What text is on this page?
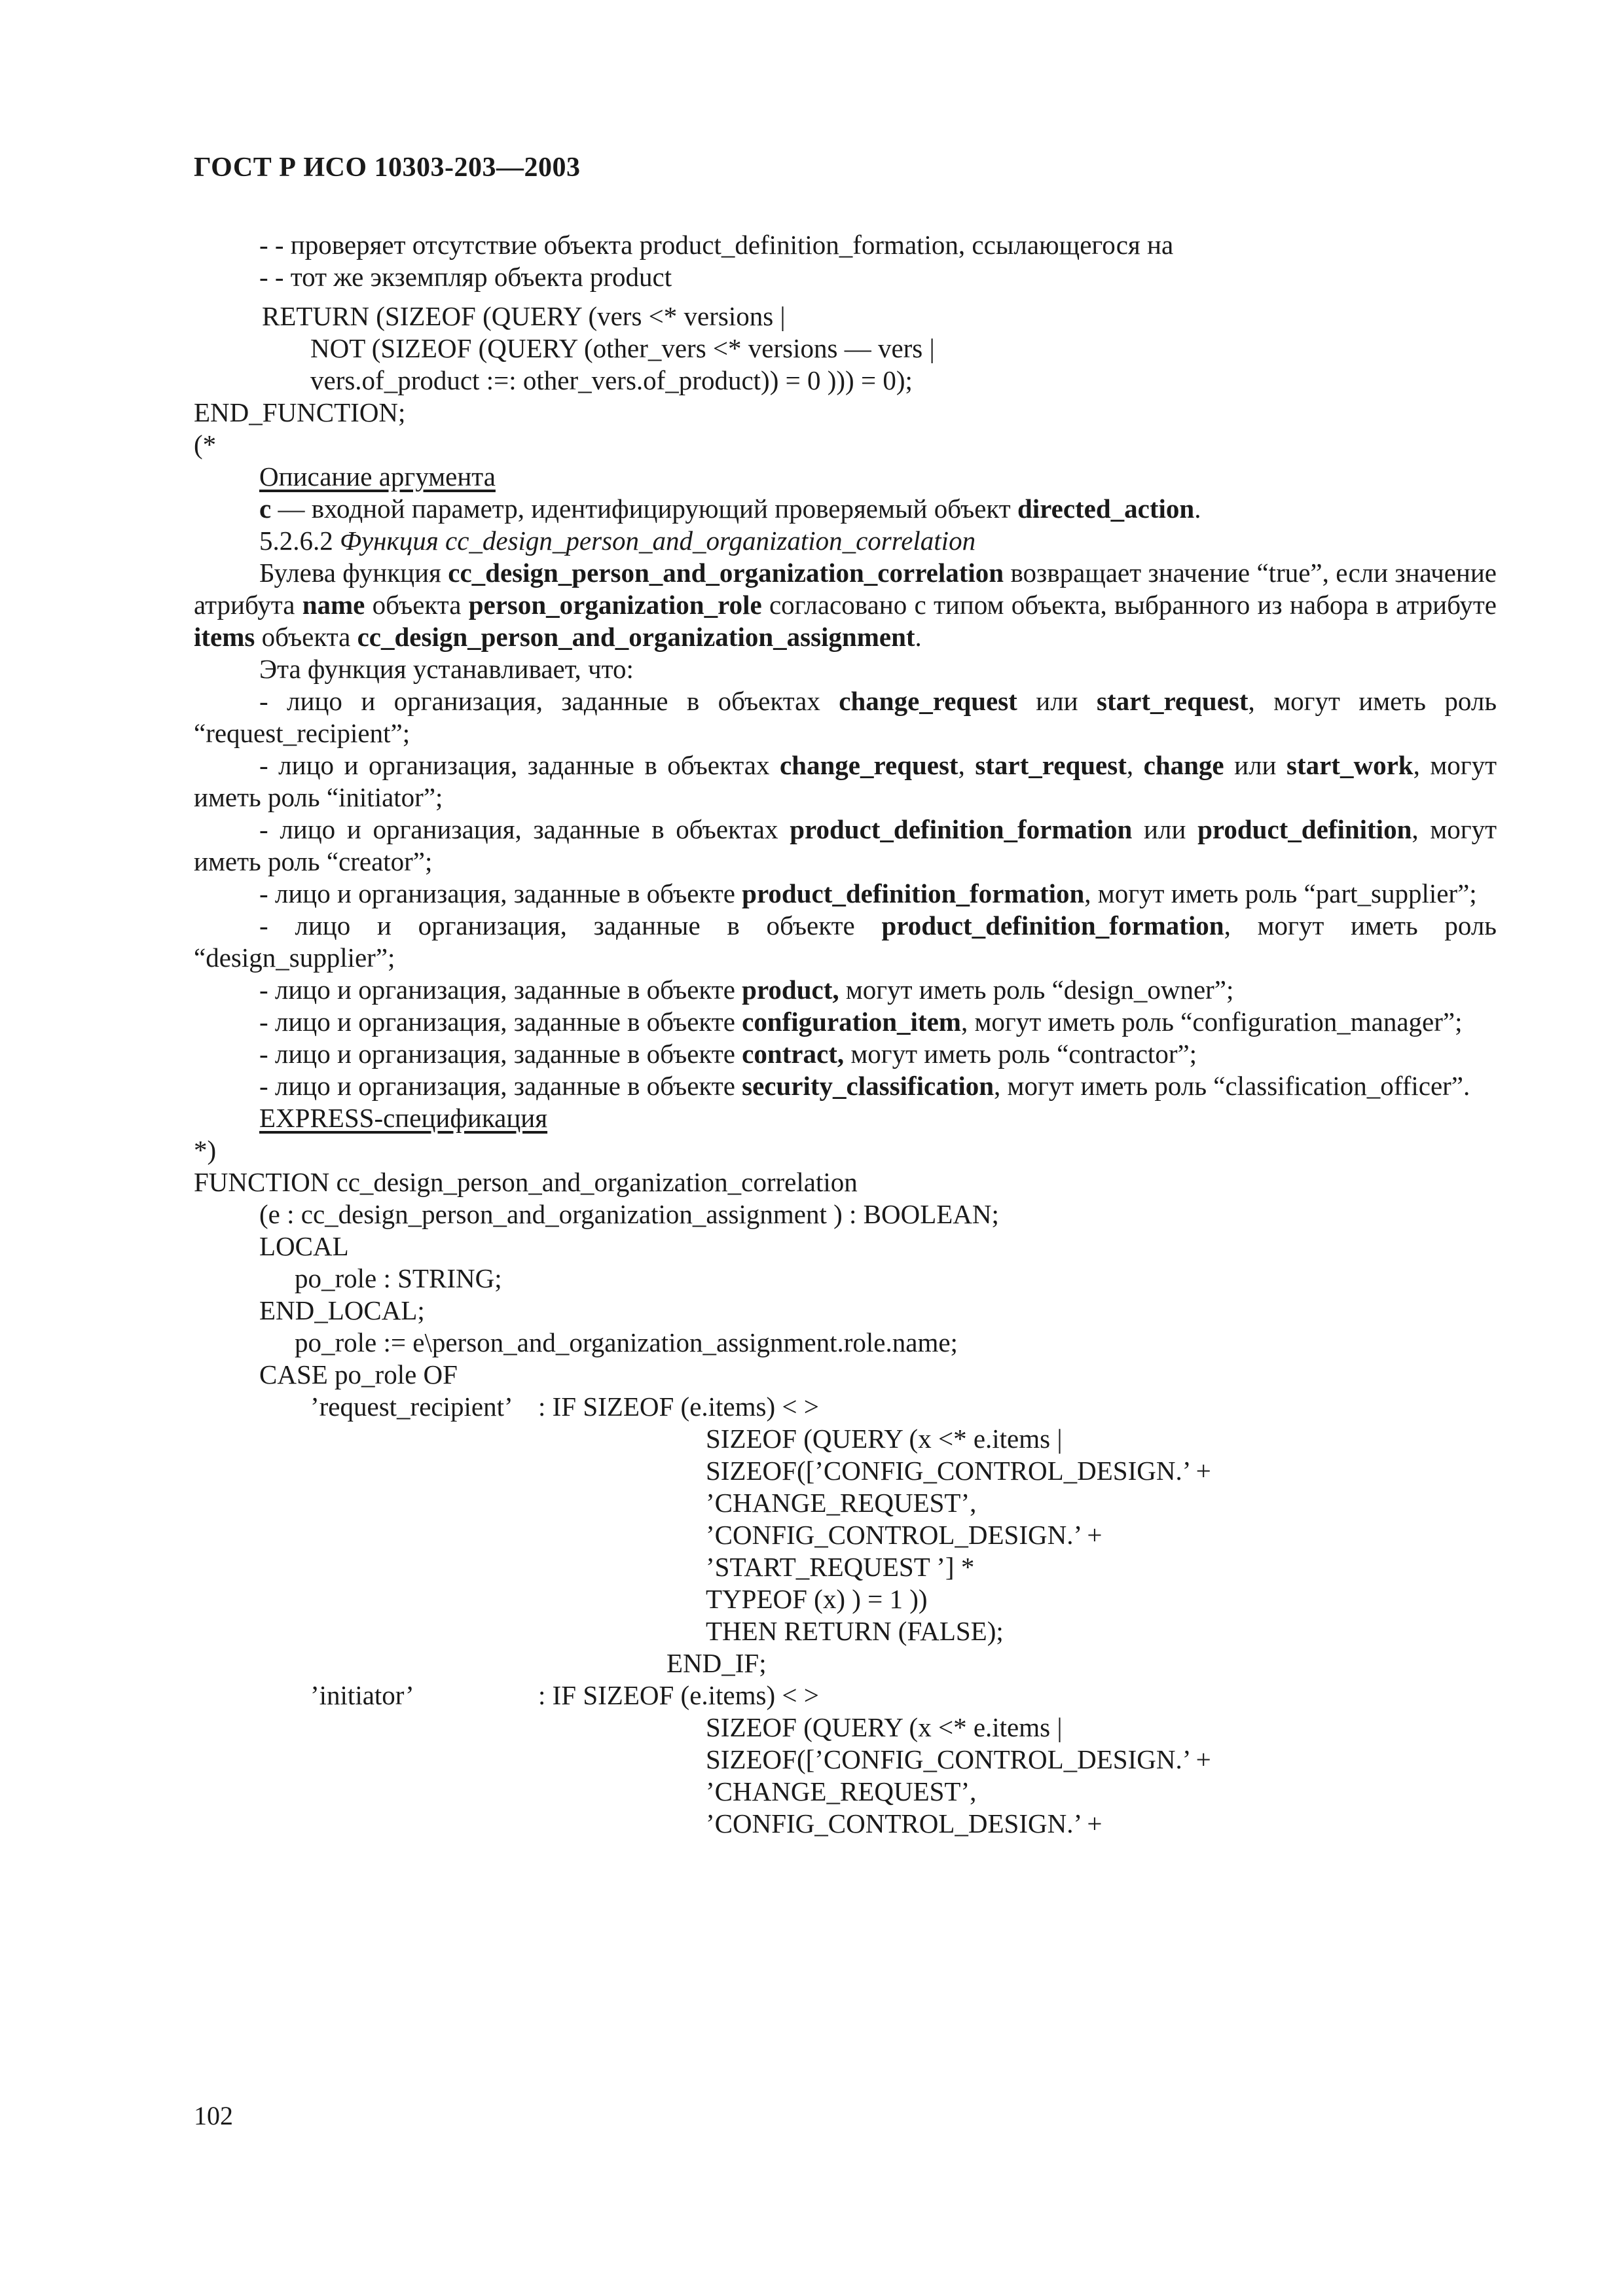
ГОСТ Р ИСО 10303-203—2003
- - проверяет отсутствие объекта product_definition_formation, ссылающегося на
- - тот же экземпляр объекта product
RETURN (SIZEOF (QUERY (vers <* versions |
NOT (SIZEOF (QUERY (other_vers <* versions — vers |
vers.of_product :=: other_vers.of_product)) = 0 ))) = 0);
END_FUNCTION;
(*
Описание аргумента
c — входной параметр, идентифицирующий проверяемый объект directed_action.
5.2.6.2 Функция cc_design_person_and_organization_correlation
Булева функция cc_design_person_and_organization_correlation возвращает значение “true”, если значение атрибута name объекта person_organization_role согласовано с типом объекта, выбранного из набора в атрибуте items объекта cc_design_person_and_organization_assignment.
Эта функция устанавливает, что:
- лицо и организация, заданные в объектах change_request или start_request, могут иметь роль “request_recipient”;
- лицо и организация, заданные в объектах change_request, start_request, change или start_work, могут иметь роль “initiator”;
- лицо и организация, заданные в объектах product_definition_formation или product_definition, могут иметь роль “creator”;
- лицо и организация, заданные в объекте product_definition_formation, могут иметь роль “part_supplier”;
- лицо и организация, заданные в объекте product_definition_formation, могут иметь роль “design_supplier”;
- лицо и организация, заданные в объекте product, могут иметь роль “design_owner”;
- лицо и организация, заданные в объекте configuration_item, могут иметь роль “configuration_manager”;
- лицо и организация, заданные в объекте contract, могут иметь роль “contractor”;
- лицо и организация, заданные в объекте security_classification, могут иметь роль “classification_officer”.
EXPRESS-спецификация
*)
FUNCTION cc_design_person_and_organization_correlation
(e : cc_design_person_and_organization_assignment ) : BOOLEAN;
LOCAL
po_role : STRING;
END_LOCAL;
po_role := e\person_and_organization_assignment.role.name;
CASE po_role OF
’request_recipient’ : IF SIZEOF (e.items) < >
SIZEOF (QUERY (x <* e.items |
SIZEOF([’CONFIG_CONTROL_DESIGN.’ +
’CHANGE_REQUEST’,
’CONFIG_CONTROL_DESIGN.’ +
’START_REQUEST ’] *
TYPEOF (x) ) = 1 ))
THEN RETURN (FALSE);
END_IF;
’initiator’	: IF SIZEOF (e.items) < >
SIZEOF (QUERY (x <* e.items |
SIZEOF([’CONFIG_CONTROL_DESIGN.’ +
’CHANGE_REQUEST’,
’CONFIG_CONTROL_DESIGN.’ +
102
